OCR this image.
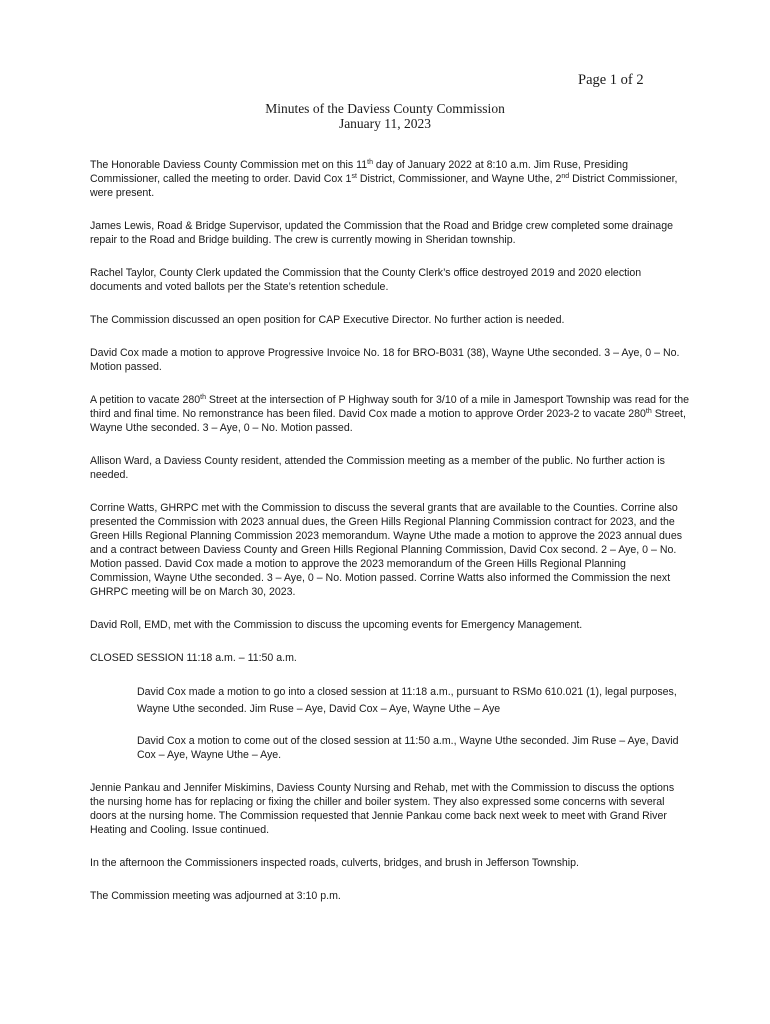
Page 1 of 2
Minutes of the Daviess County Commission
January 11, 2023

The Honorable Daviess County Commission met on this 11th day of January 2022 at 8:10 a.m. Jim Ruse, Presiding Commissioner, called the meeting to order. David Cox 1st District, Commissioner, and Wayne Uthe, 2nd District Commissioner, were present.

James Lewis, Road & Bridge Supervisor, updated the Commission that the Road and Bridge crew completed some drainage repair to the Road and Bridge building. The crew is currently mowing in Sheridan township.

Rachel Taylor, County Clerk updated the Commission that the County Clerk’s office destroyed 2019 and 2020 election documents and voted ballots per the State’s retention schedule.

The Commission discussed an open position for CAP Executive Director. No further action is needed.

David Cox made a motion to approve Progressive Invoice No. 18 for BRO-B031 (38), Wayne Uthe seconded. 3 – Aye, 0 – No. Motion passed.

A petition to vacate 280th Street at the intersection of P Highway south for 3/10 of a mile in Jamesport Township was read for the third and final time. No remonstrance has been filed. David Cox made a motion to approve Order 2023-2 to vacate 280th Street, Wayne Uthe seconded. 3 – Aye, 0 – No. Motion passed.

Allison Ward, a Daviess County resident, attended the Commission meeting as a member of the public. No further action is needed.

Corrine Watts, GHRPC met with the Commission to discuss the several grants that are available to the Counties. Corrine also presented the Commission with 2023 annual dues, the Green Hills Regional Planning Commission contract for 2023, and the Green Hills Regional Planning Commission 2023 memorandum. Wayne Uthe made a motion to approve the 2023 annual dues and a contract between Daviess County and Green Hills Regional Planning Commission, David Cox second. 2 – Aye, 0 – No. Motion passed. David Cox made a motion to approve the 2023 memorandum of the Green Hills Regional Planning Commission, Wayne Uthe seconded. 3 – Aye, 0 – No. Motion passed. Corrine Watts also informed the Commission the next GHRPC meeting will be on March 30, 2023.

David Roll, EMD, met with the Commission to discuss the upcoming events for Emergency Management.

CLOSED SESSION 11:18 a.m. – 11:50 a.m.

David Cox made a motion to go into a closed session at 11:18 a.m., pursuant to RSMo 610.021 (1), legal purposes, Wayne Uthe seconded. Jim Ruse – Aye, David Cox – Aye, Wayne Uthe – Aye

David Cox a motion to come out of the closed session at 11:50 a.m., Wayne Uthe seconded. Jim Ruse – Aye, David Cox – Aye, Wayne Uthe – Aye.

Jennie Pankau and Jennifer Miskimins, Daviess County Nursing and Rehab, met with the Commission to discuss the options the nursing home has for replacing or fixing the chiller and boiler system. They also expressed some concerns with several doors at the nursing home. The Commission requested that Jennie Pankau come back next week to meet with Grand River Heating and Cooling. Issue continued.

In the afternoon the Commissioners inspected roads, culverts, bridges, and brush in Jefferson Township.

The Commission meeting was adjourned at 3:10 p.m.
